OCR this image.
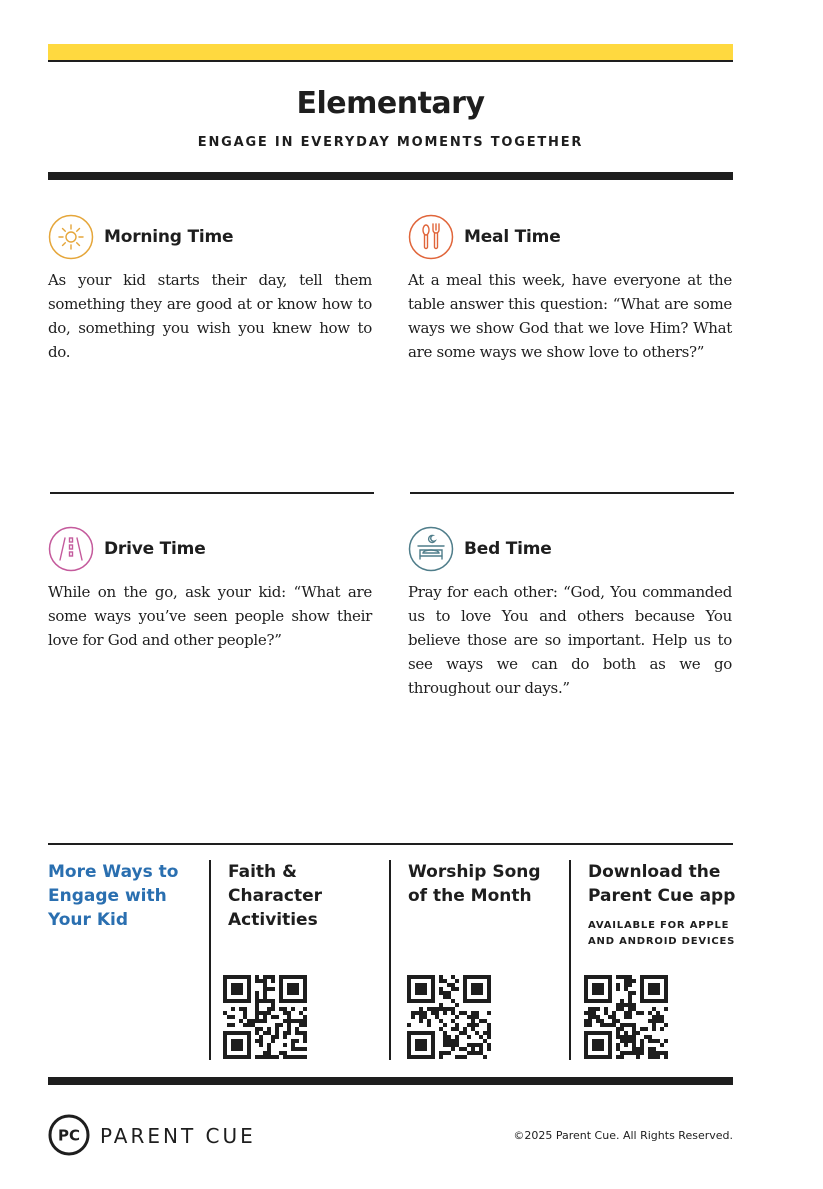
Elementary
ENGAGE IN EVERYDAY MOMENTS TOGETHER
Morning Time

As your kid starts their day, tell them something they are good at or know how to do, something you wish you knew how to do.

Meal Time

At a meal this week, have everyone at the table answer this question: “What are some ways we show God that we love Him? What are some ways we show love to others?”

Drive Time

While on the go, ask your kid: “What are some ways you’ve seen people show their love for God and other people?”

Bed Time

Pray for each other: “God, You commanded us to love You and others because You believe those are so important. Help us to see ways we can do both as we go throughout our days.”

More Ways to Engage with Your Kid
Faith & Character Activities
Worship Song of the Month
Download the Parent Cue app
AVAILABLE FOR APPLE AND ANDROID DEVICES
PC PARENT CUE	©2025 Parent Cue. All Rights Reserved.
